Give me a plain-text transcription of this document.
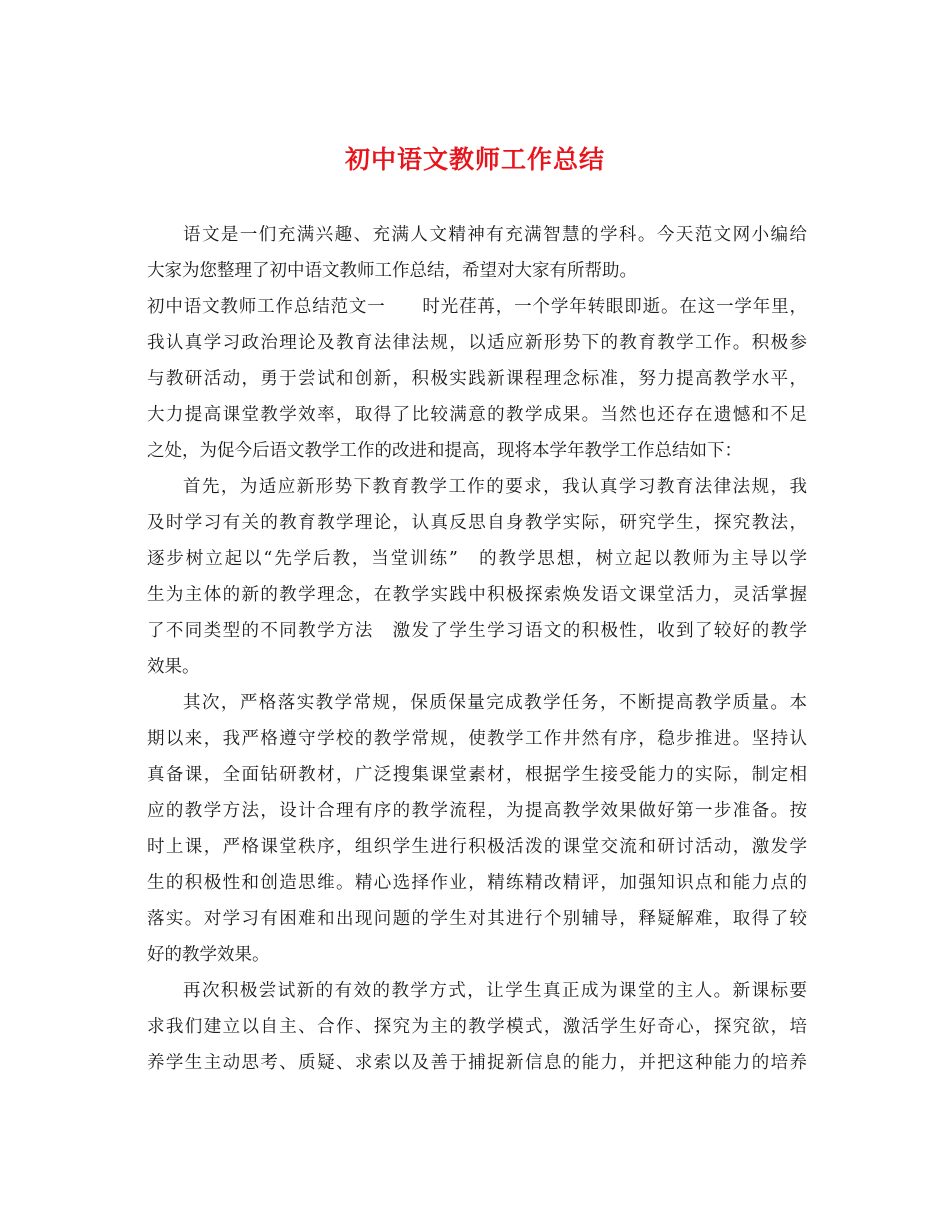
初中语文教师工作总结
语文是一们充满兴趣、充满人文精神有充满智慧的学科。今天范文网小编给
大家为您整理了初中语文教师工作总结，希望对大家有所帮助。
初中语文教师工作总结范文一　　时光荏苒，一个学年转眼即逝。在这一学年里，
我认真学习政治理论及教育法律法规，以适应新形势下的教育教学工作。积极参
与教研活动，勇于尝试和创新，积极实践新课程理念标准，努力提高教学水平，
大力提高课堂教学效率，取得了比较满意的教学成果。当然也还存在遗憾和不足
之处，为促今后语文教学工作的改进和提高，现将本学年教学工作总结如下：
首先，为适应新形势下教育教学工作的要求，我认真学习教育法律法规，我
及时学习有关的教育教学理论，认真反思自身教学实际，研究学生，探究教法，
逐步树立起以“先学后教，当堂训练”　的教学思想，树立起以教师为主导以学
生为主体的新的教学理念，在教学实践中积极探索焕发语文课堂活力，灵活掌握
了不同类型的不同教学方法　激发了学生学习语文的积极性，收到了较好的教学
效果。
其次，严格落实教学常规，保质保量完成教学任务，不断提高教学质量。本
期以来，我严格遵守学校的教学常规，使教学工作井然有序，稳步推进。坚持认
真备课，全面钻研教材，广泛搜集课堂素材，根据学生接受能力的实际，制定相
应的教学方法，设计合理有序的教学流程，为提高教学效果做好第一步准备。按
时上课，严格课堂秩序，组织学生进行积极活泼的课堂交流和研讨活动，激发学
生的积极性和创造思维。精心选择作业，精练精改精评，加强知识点和能力点的
落实。对学习有困难和出现问题的学生对其进行个别辅导，释疑解难，取得了较
好的教学效果。
再次积极尝试新的有效的教学方式，让学生真正成为课堂的主人。新课标要
求我们建立以自主、合作、探究为主的教学模式，激活学生好奇心，探究欲，培
养学生主动思考、质疑、求索以及善于捕捉新信息的能力，并把这种能力的培养
